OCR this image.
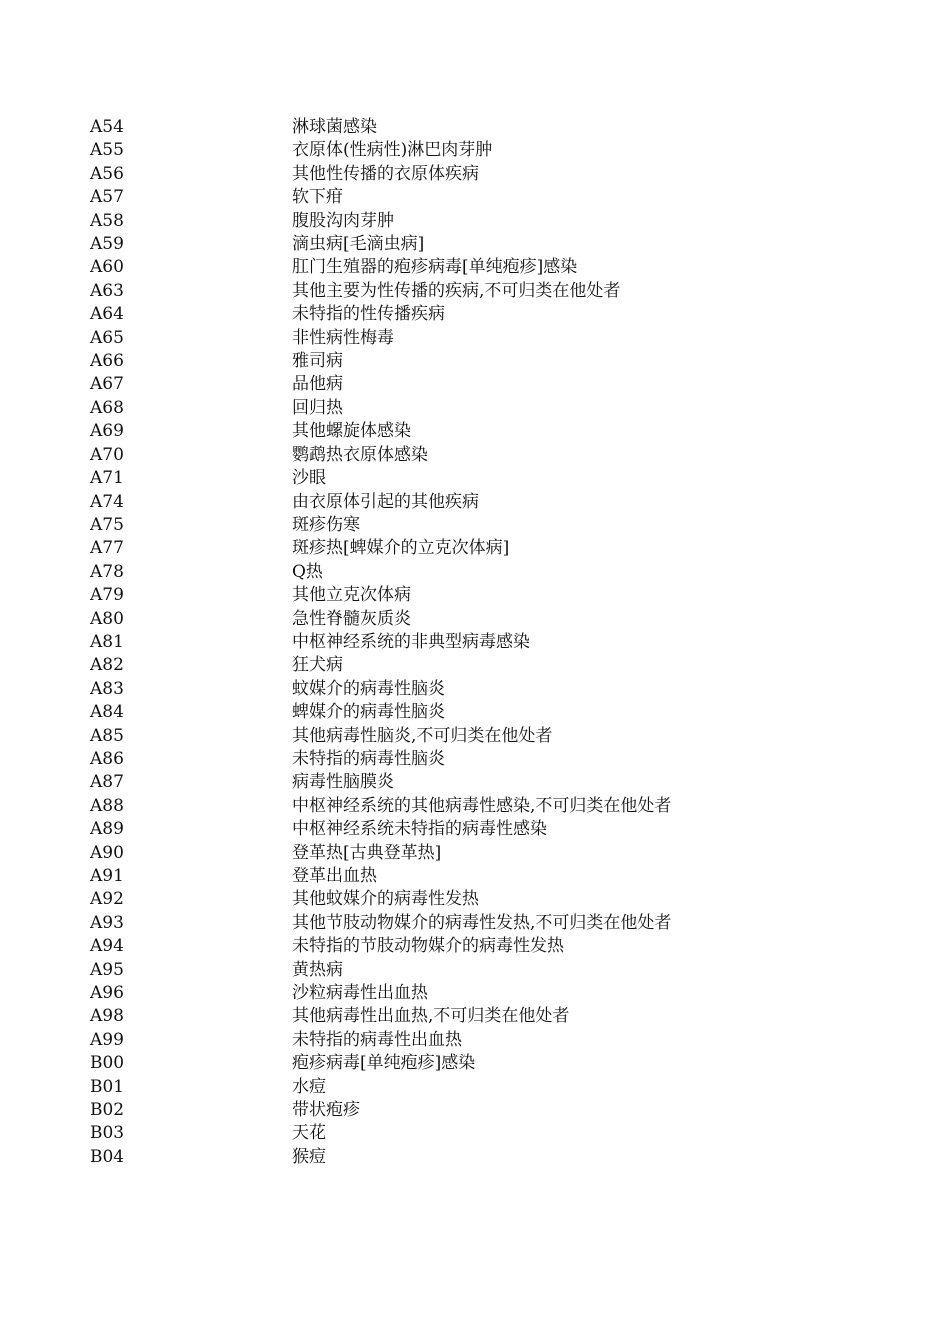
A54	淋球菌感染
A55	衣原体(性病性)淋巴肉芽肿
A56	其他性传播的衣原体疾病
A57	软下疳
A58	腹股沟肉芽肿
A59	滴虫病[毛滴虫病]
A60	肛门生殖器的疱疹病毒[单纯疱疹]感染
A63	其他主要为性传播的疾病,不可归类在他处者
A64	未特指的性传播疾病
A65	非性病性梅毒
A66	雅司病
A67	品他病
A68	回归热
A69	其他螺旋体感染
A70	鹦鹉热衣原体感染
A71	沙眼
A74	由衣原体引起的其他疾病
A75	斑疹伤寒
A77	斑疹热[蜱媒介的立克次体病]
A78	Q热
A79	其他立克次体病
A80	急性脊髓灰质炎
A81	中枢神经系统的非典型病毒感染
A82	狂犬病
A83	蚊媒介的病毒性脑炎
A84	蜱媒介的病毒性脑炎
A85	其他病毒性脑炎,不可归类在他处者
A86	未特指的病毒性脑炎
A87	病毒性脑膜炎
A88	中枢神经系统的其他病毒性感染,不可归类在他处者
A89	中枢神经系统未特指的病毒性感染
A90	登革热[古典登革热]
A91	登革出血热
A92	其他蚊媒介的病毒性发热
A93	其他节肢动物媒介的病毒性发热,不可归类在他处者
A94	未特指的节肢动物媒介的病毒性发热
A95	黄热病
A96	沙粒病毒性出血热
A98	其他病毒性出血热,不可归类在他处者
A99	未特指的病毒性出血热
B00	疱疹病毒[单纯疱疹]感染
B01	水痘
B02	带状疱疹
B03	天花
B04	猴痘
